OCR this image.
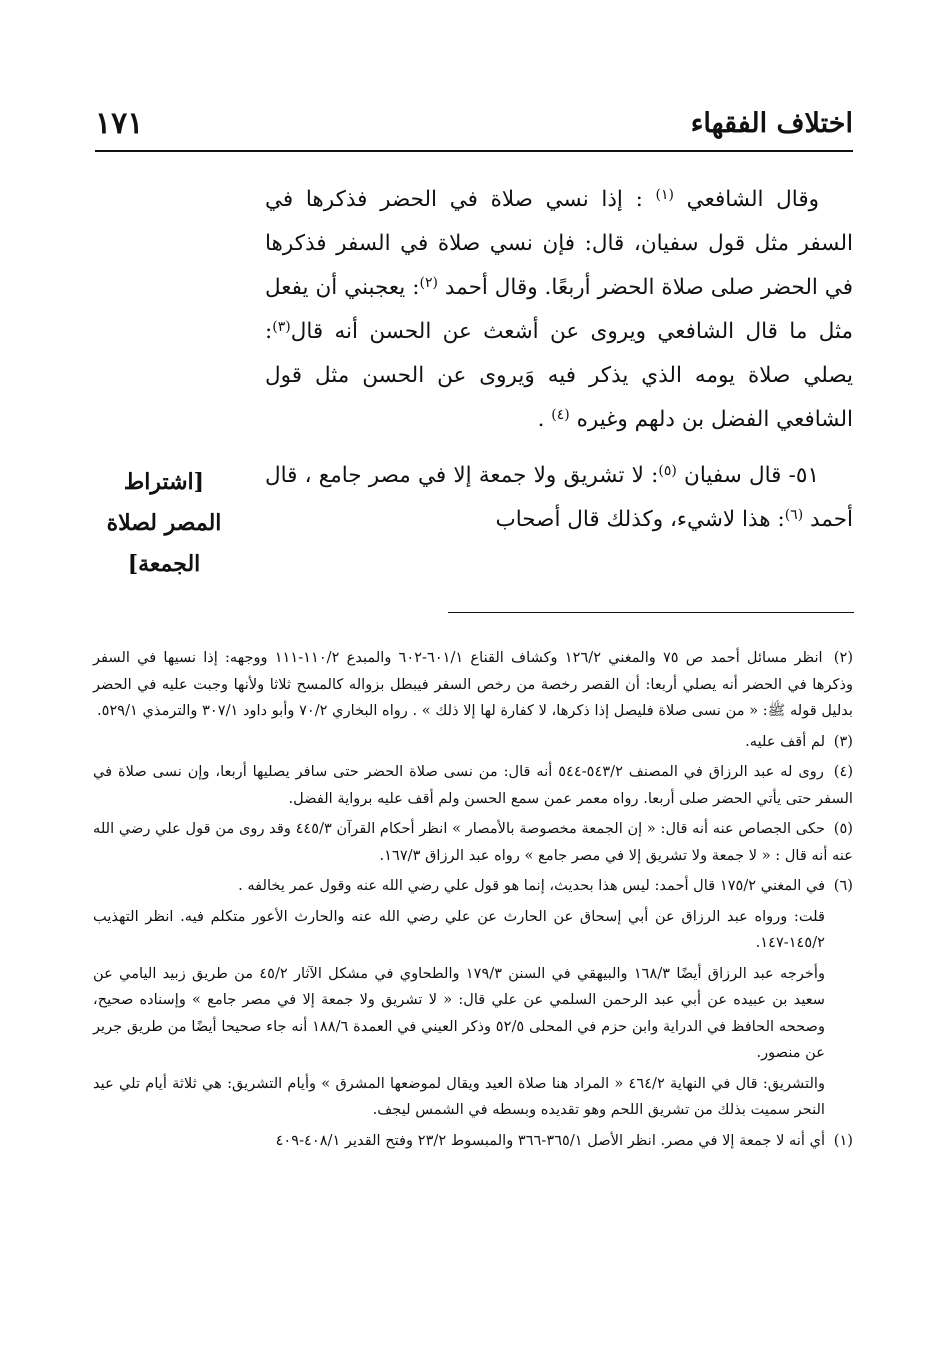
اختلاف الفقهاء
١٧١

وقال الشافعي $^{(١)}$ : إذا نسي صلاة في الحضر فذكرها في السفر مثل قول سفيان، قال: فإن نسي صلاة في السفر فذكرها في الحضر صلى صلاة الحضر أربعًا. وقال أحمد $^{(٢)}$: يعجبني أن يفعل مثل ما قال الشافعي ويروى عن أشعث عن الحسن أنه قال$^{(٣)}$: يصلي صلاة يومه الذي يذكر فيه وَيروى عن الحسن مثل قول الشافعي الفضل بن دلهم وغيره $^{(٤)}$ .

٥١- قال سفيان $^{(٥)}$: لا تشريق ولا جمعة إلا في مصر جامع ، قال أحمد $^{(٦)}$: هذا لاشيء، وكذلك قال أصحاب

[اشتراط
المصر لصلاة
الجمعة]

(٢) انظر مسائل أحمد ص ٧٥ والمغني ١٢٦/٢ وكشاف القناع ٦٠١/١-٦٠٢ والمبدع ١١٠/٢-١١١ ووجهه: إذا نسيها في السفر وذكرها في الحضر أنه يصلي أربعا: أن القصر رخصة من رخص السفر فيبطل بزواله كالمسح ثلاثا ولأنها وجبت عليه في الحضر بدليل قوله ﷺ: « من نسى صلاة فليصل إذا ذكرها، لا كفارة لها إلا ذلك » . رواه البخاري ٧٠/٢ وأبو داود ٣٠٧/١ والترمذي ٥٢٩/١.

(٣) لم أقف عليه.

(٤) روى له عبد الرزاق في المصنف ٥٤٣/٢-٥٤٤ أنه قال: من نسى صلاة الحضر حتى سافر يصليها أربعا، وإن نسى صلاة في السفر حتى يأتي الحضر صلى أربعا. رواه معمر عمن سمع الحسن ولم أقف عليه برواية الفضل.

(٥) حكى الجصاص عنه أنه قال: « إن الجمعة مخصوصة بالأمصار » انظر أحكام القرآن ٤٤٥/٣ وقد روى من قول علي رضي الله عنه أنه قال : « لا جمعة ولا تشريق إلا في مصر جامع » رواه عبد الرزاق ١٦٧/٣.

(٦) في المغني ١٧٥/٢ قال أحمد: ليس هذا بحديث، إنما هو قول علي رضي الله عنه وقول عمر يخالفه .

قلت: ورواه عبد الرزاق عن أبي إسحاق عن الحارث عن علي رضي الله عنه والحارث الأعور متكلم فيه. انظر التهذيب ١٤٥/٢-١٤٧.

وأخرجه عبد الرزاق أيضًا ١٦٨/٣ والبيهقي في السنن ١٧٩/٣ والطحاوي في مشكل الآثار ٤٥/٢ من طريق زبيد اليامي عن سعيد بن عبيده عن أبي عبد الرحمن السلمي عن علي قال: « لا تشريق ولا جمعة إلا في مصر جامع » وإسناده صحيح، وصححه الحافظ في الدراية وابن حزم في المحلى ٥٢/٥ وذكر العيني في العمدة ١٨٨/٦ أنه جاء صحيحا أيضًا من طريق جرير عن منصور.

والتشريق: قال في النهاية ٤٦٤/٢ « المراد هنا صلاة العيد ويقال لموضعها المشرق » وأيام التشريق: هي ثلاثة أيام تلي عيد النحر سميت بذلك من تشريق اللحم وهو تقديده وبسطه في الشمس ليجف.

(١) أي أنه لا جمعة إلا في مصر. انظر الأصل ٣٦٥/١-٣٦٦ والمبسوط ٢٣/٢ وفتح القدير ٤٠٨/١-٤٠٩
